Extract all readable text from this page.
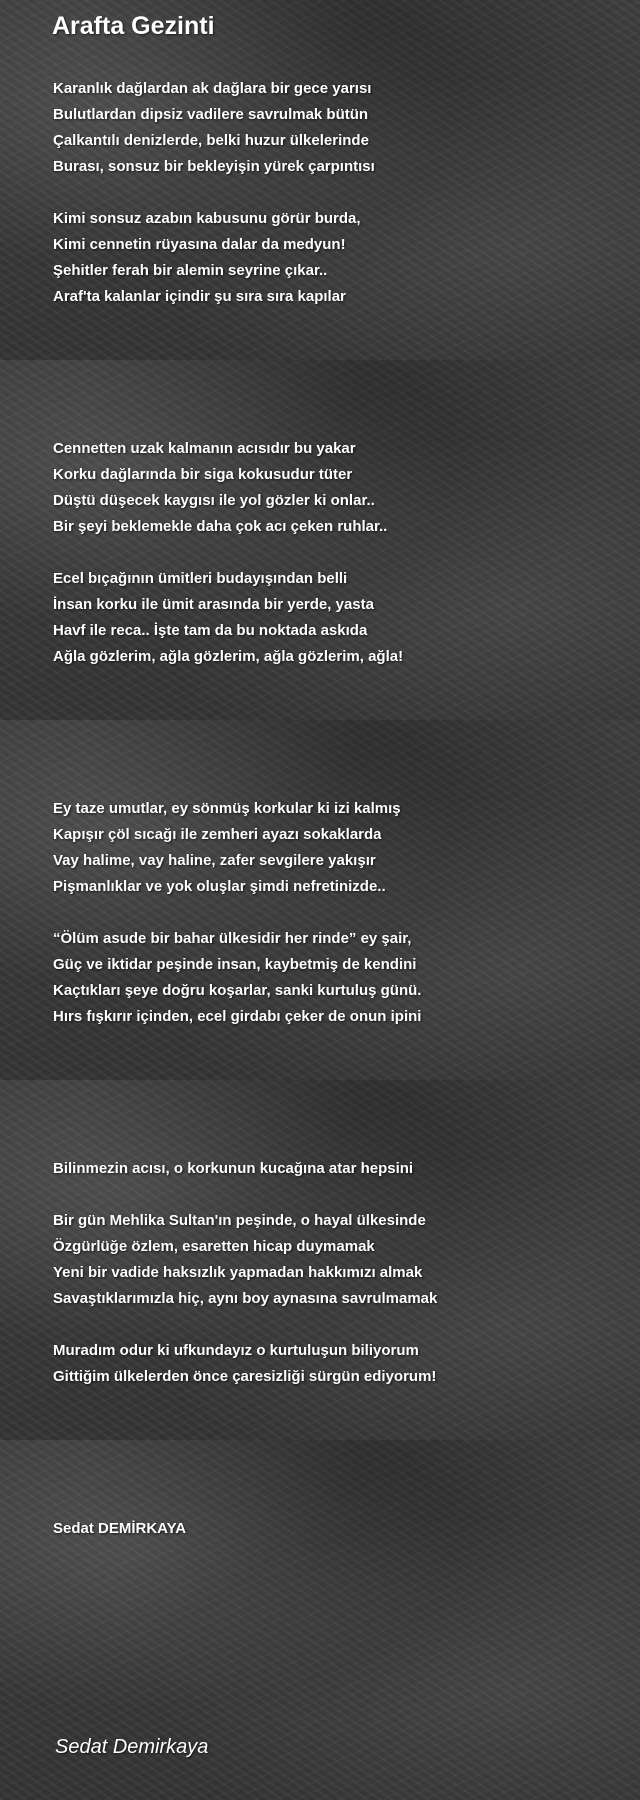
Arafta Gezinti
Karanlık dağlardan ak dağlara bir gece yarısı
Bulutlardan dipsiz vadilere savrulmak bütün
Çalkantılı denizlerde, belki huzur ülkelerinde
Burası, sonsuz bir bekleyişin yürek çarpıntısı
Kimi sonsuz azabın kabusunu görür burda,
Kimi cennetin rüyasına dalar da medyun!
Şehitler ferah bir alemin seyrine çıkar..
Araf'ta kalanlar içindir şu sıra sıra kapılar
Cennetten uzak kalmanın acısıdır bu yakar
Korku dağlarında bir siga kokusudur tüter
Düştü düşecek kaygısı ile yol gözler ki onlar..
Bir şeyi beklemekle daha çok acı çeken ruhlar..
Ecel bıçağının ümitleri budayışından belli
İnsan korku ile ümit arasında bir yerde, yasta
Havf ile reca.. İşte tam da bu noktada askıda
Ağla gözlerim, ağla gözlerim, ağla gözlerim, ağla!
Ey taze umutlar, ey sönmüş korkular ki izi kalmış
Kapışır çöl sıcağı ile zemheri ayazı sokaklarda
Vay halime, vay haline, zafer sevgilere yakışır
Pişmanlıklar ve yok oluşlar şimdi nefretinizde..
“Ölüm asude bir bahar ülkesidir her rinde” ey şair,
Güç ve iktidar peşinde insan, kaybetmiş de kendini
Kaçtıkları şeye doğru koşarlar, sanki kurtuluş günü.
Hırs fışkırır içinden, ecel girdabı çeker de onun ipini
Bilinmezin acısı, o korkunun kucağına atar hepsini
Bir gün Mehlika Sultan'ın peşinde, o hayal ülkesinde
Özgürlüğe özlem, esaretten hicap duymamak
Yeni bir vadide haksızlık yapmadan hakkımızı almak
Savaştıklarımızla hiç, aynı boy aynasına savrulmamak
Muradım odur ki ufkundayız o kurtuluşun biliyorum
Gittiğim ülkelerden önce çaresizliği sürgün ediyorum!
Sedat DEMİRKAYA

Sedat Demirkaya
